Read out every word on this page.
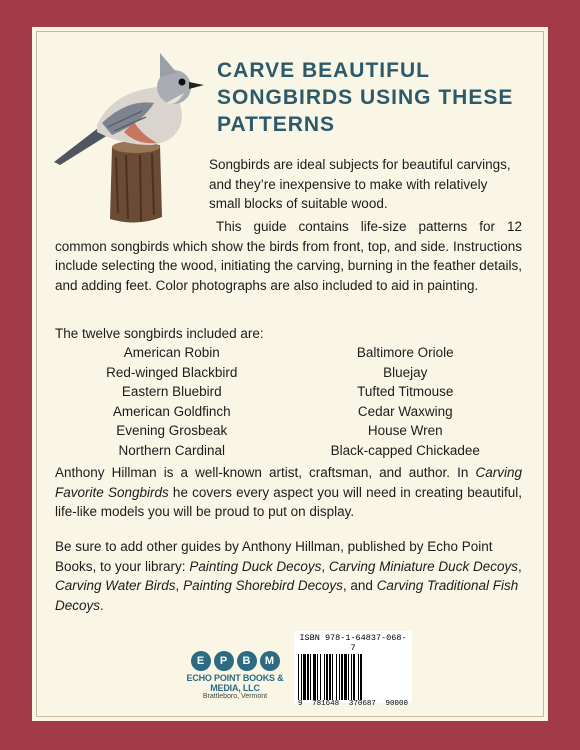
CARVE BEAUTIFUL SONGBIRDS USING THESE PATTERNS

Songbirds are ideal subjects for beautiful carvings, and they’re inexpensive to make with relatively small blocks of suitable wood.

This guide contains life-size patterns for 12 common songbirds which show the birds from front, top, and side. Instructions include selecting the wood, initiating the carving, burning in the feather details, and adding feet. Color photographs are also included to aid in painting.

The twelve songbirds included are:

American Robin	Baltimore Oriole
Red-winged Blackbird	Bluejay
Eastern Bluebird	Tufted Titmouse
American Goldfinch	Cedar Waxwing
Evening Grosbeak	House Wren
Northern Cardinal	Black-capped Chickadee

Anthony Hillman is a well-known artist, craftsman, and author. In Carving Favorite Songbirds he covers every aspect you will need in creating beautiful, life-like models you will be proud to put on display.

Be sure to add other guides by Anthony Hillman, published by Echo Point Books, to your library: Painting Duck Decoys, Carving Miniature Duck Decoys, Carving Water Birds, Painting Shorebird Decoys, and Carving Traditional Fish Decoys.

E	P	B	M
ECHO POINT BOOKS & MEDIA, LLC
Brattleboro, Vermont
ISBN 978-1-64837-068-7
9 781648 370687 90000
